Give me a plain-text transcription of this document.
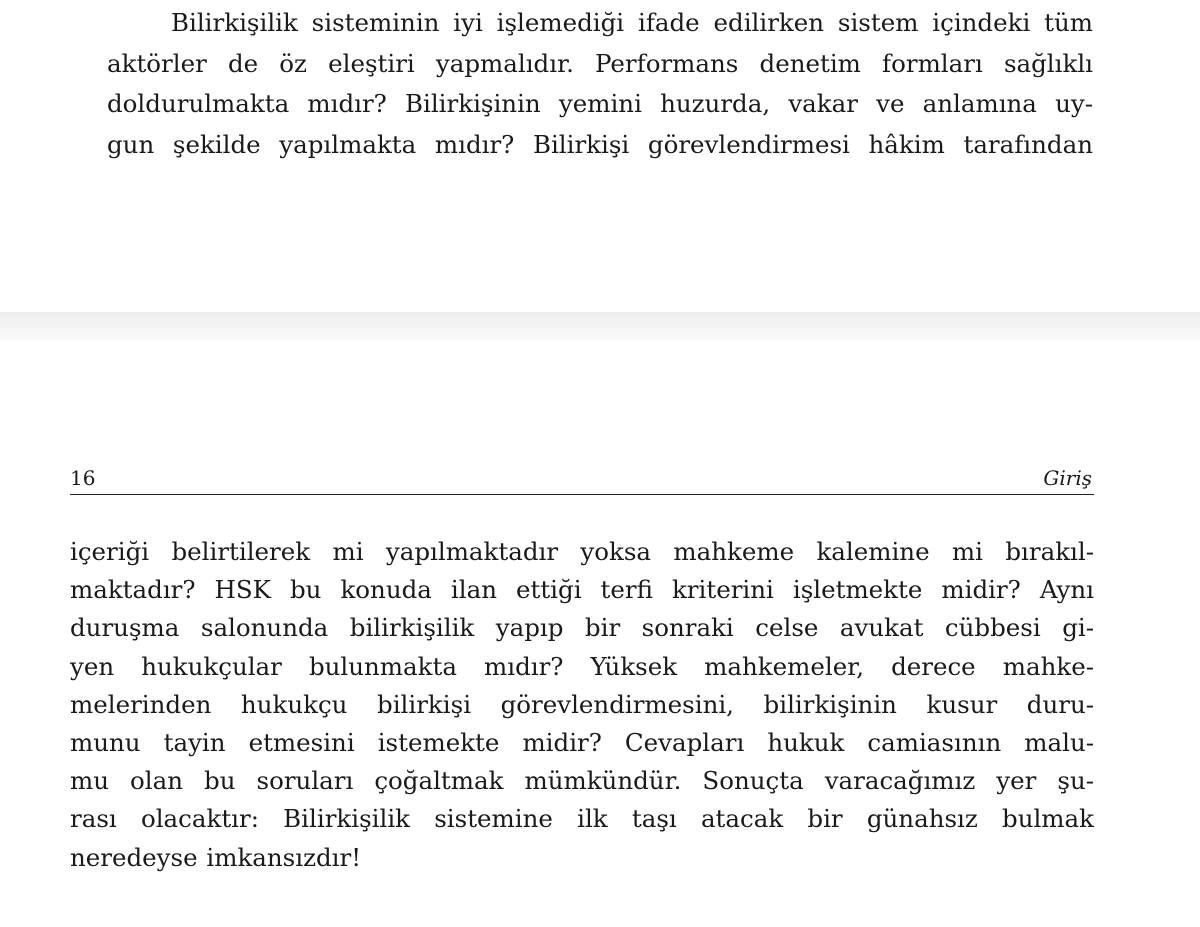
Bilirkişilik sisteminin iyi işlemediği ifade edilirken sistem içindeki tüm
aktörler de öz eleştiri yapmalıdır. Performans denetim formları sağlıklı
doldurulmakta mıdır? Bilirkişinin yemini huzurda, vakar ve anlamına uy-
gun şekilde yapılmakta mıdır? Bilirkişi görevlendirmesi hâkim tarafından
16	Giriş
içeriği belirtilerek mi yapılmaktadır yoksa mahkeme kalemine mi bırakıl-
maktadır? HSK bu konuda ilan ettiği terfi kriterini işletmekte midir? Aynı
duruşma salonunda bilirkişilik yapıp bir sonraki celse avukat cübbesi gi-
yen hukukçular bulunmakta mıdır? Yüksek mahkemeler, derece mahke-
melerinden hukukçu bilirkişi görevlendirmesini, bilirkişinin kusur duru-
munu tayin etmesini istemekte midir? Cevapları hukuk camiasının malu-
mu olan bu soruları çoğaltmak mümkündür. Sonuçta varacağımız yer şu-
rası olacaktır: Bilirkişilik sistemine ilk taşı atacak bir günahsız bulmak
neredeyse imkansızdır!
